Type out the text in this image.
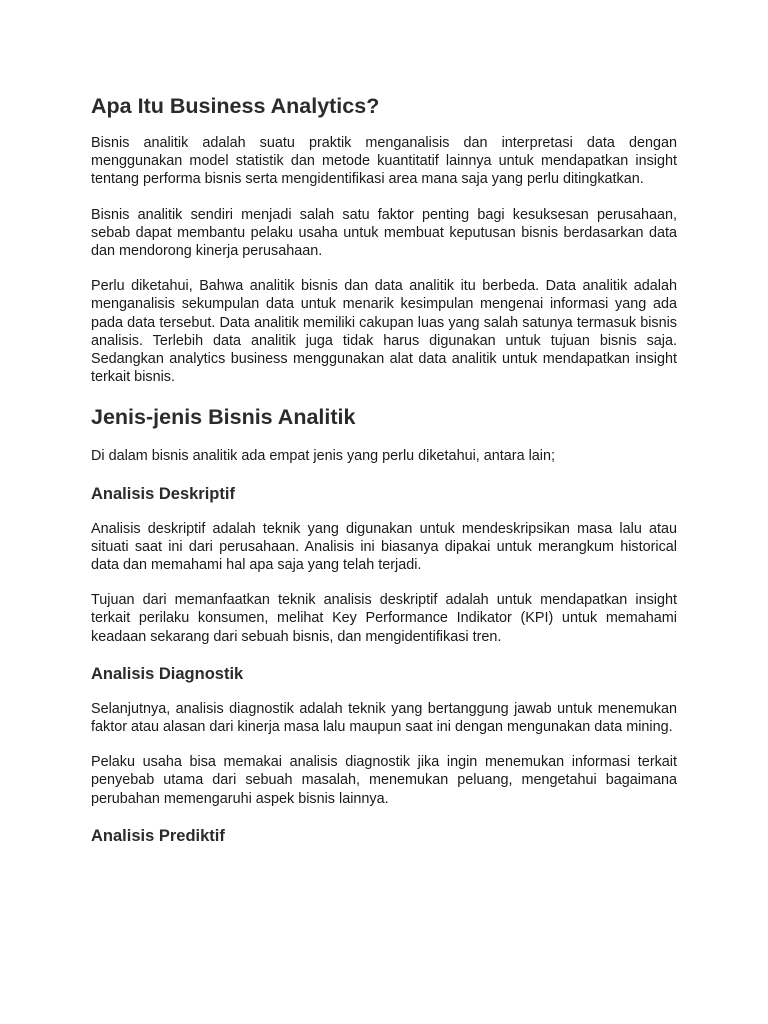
Apa Itu Business Analytics?

Bisnis analitik adalah suatu praktik menganalisis dan interpretasi data dengan menggunakan model statistik dan metode kuantitatif lainnya untuk mendapatkan insight tentang performa bisnis serta mengidentifikasi area mana saja yang perlu ditingkatkan.

Bisnis analitik sendiri menjadi salah satu faktor penting bagi kesuksesan perusahaan, sebab dapat membantu pelaku usaha untuk membuat keputusan bisnis berdasarkan data dan mendorong kinerja perusahaan.

Perlu diketahui, Bahwa analitik bisnis dan data analitik itu berbeda. Data analitik adalah menganalisis sekumpulan data untuk menarik kesimpulan mengenai informasi yang ada pada data tersebut. Data analitik memiliki cakupan luas yang salah satunya termasuk bisnis analisis. Terlebih data analitik juga tidak harus digunakan untuk tujuan bisnis saja. Sedangkan analytics business menggunakan alat data analitik untuk mendapatkan insight terkait bisnis.

Jenis-jenis Bisnis Analitik

Di dalam bisnis analitik ada empat jenis yang perlu diketahui, antara lain;

Analisis Deskriptif

Analisis deskriptif adalah teknik yang digunakan untuk mendeskripsikan masa lalu atau situati saat ini dari perusahaan. Analisis ini biasanya dipakai untuk merangkum historical data dan memahami hal apa saja yang telah terjadi.

Tujuan dari memanfaatkan teknik analisis deskriptif adalah untuk mendapatkan insight terkait perilaku konsumen, melihat Key Performance Indikator (KPI) untuk memahami keadaan sekarang dari sebuah bisnis, dan mengidentifikasi tren.

Analisis Diagnostik

Selanjutnya, analisis diagnostik adalah teknik yang bertanggung jawab untuk menemukan faktor atau alasan dari kinerja masa lalu maupun saat ini dengan mengunakan data mining.

Pelaku usaha bisa memakai analisis diagnostik jika ingin menemukan informasi terkait penyebab utama dari sebuah masalah, menemukan peluang, mengetahui bagaimana perubahan memengaruhi aspek bisnis lainnya.

Analisis Prediktif
